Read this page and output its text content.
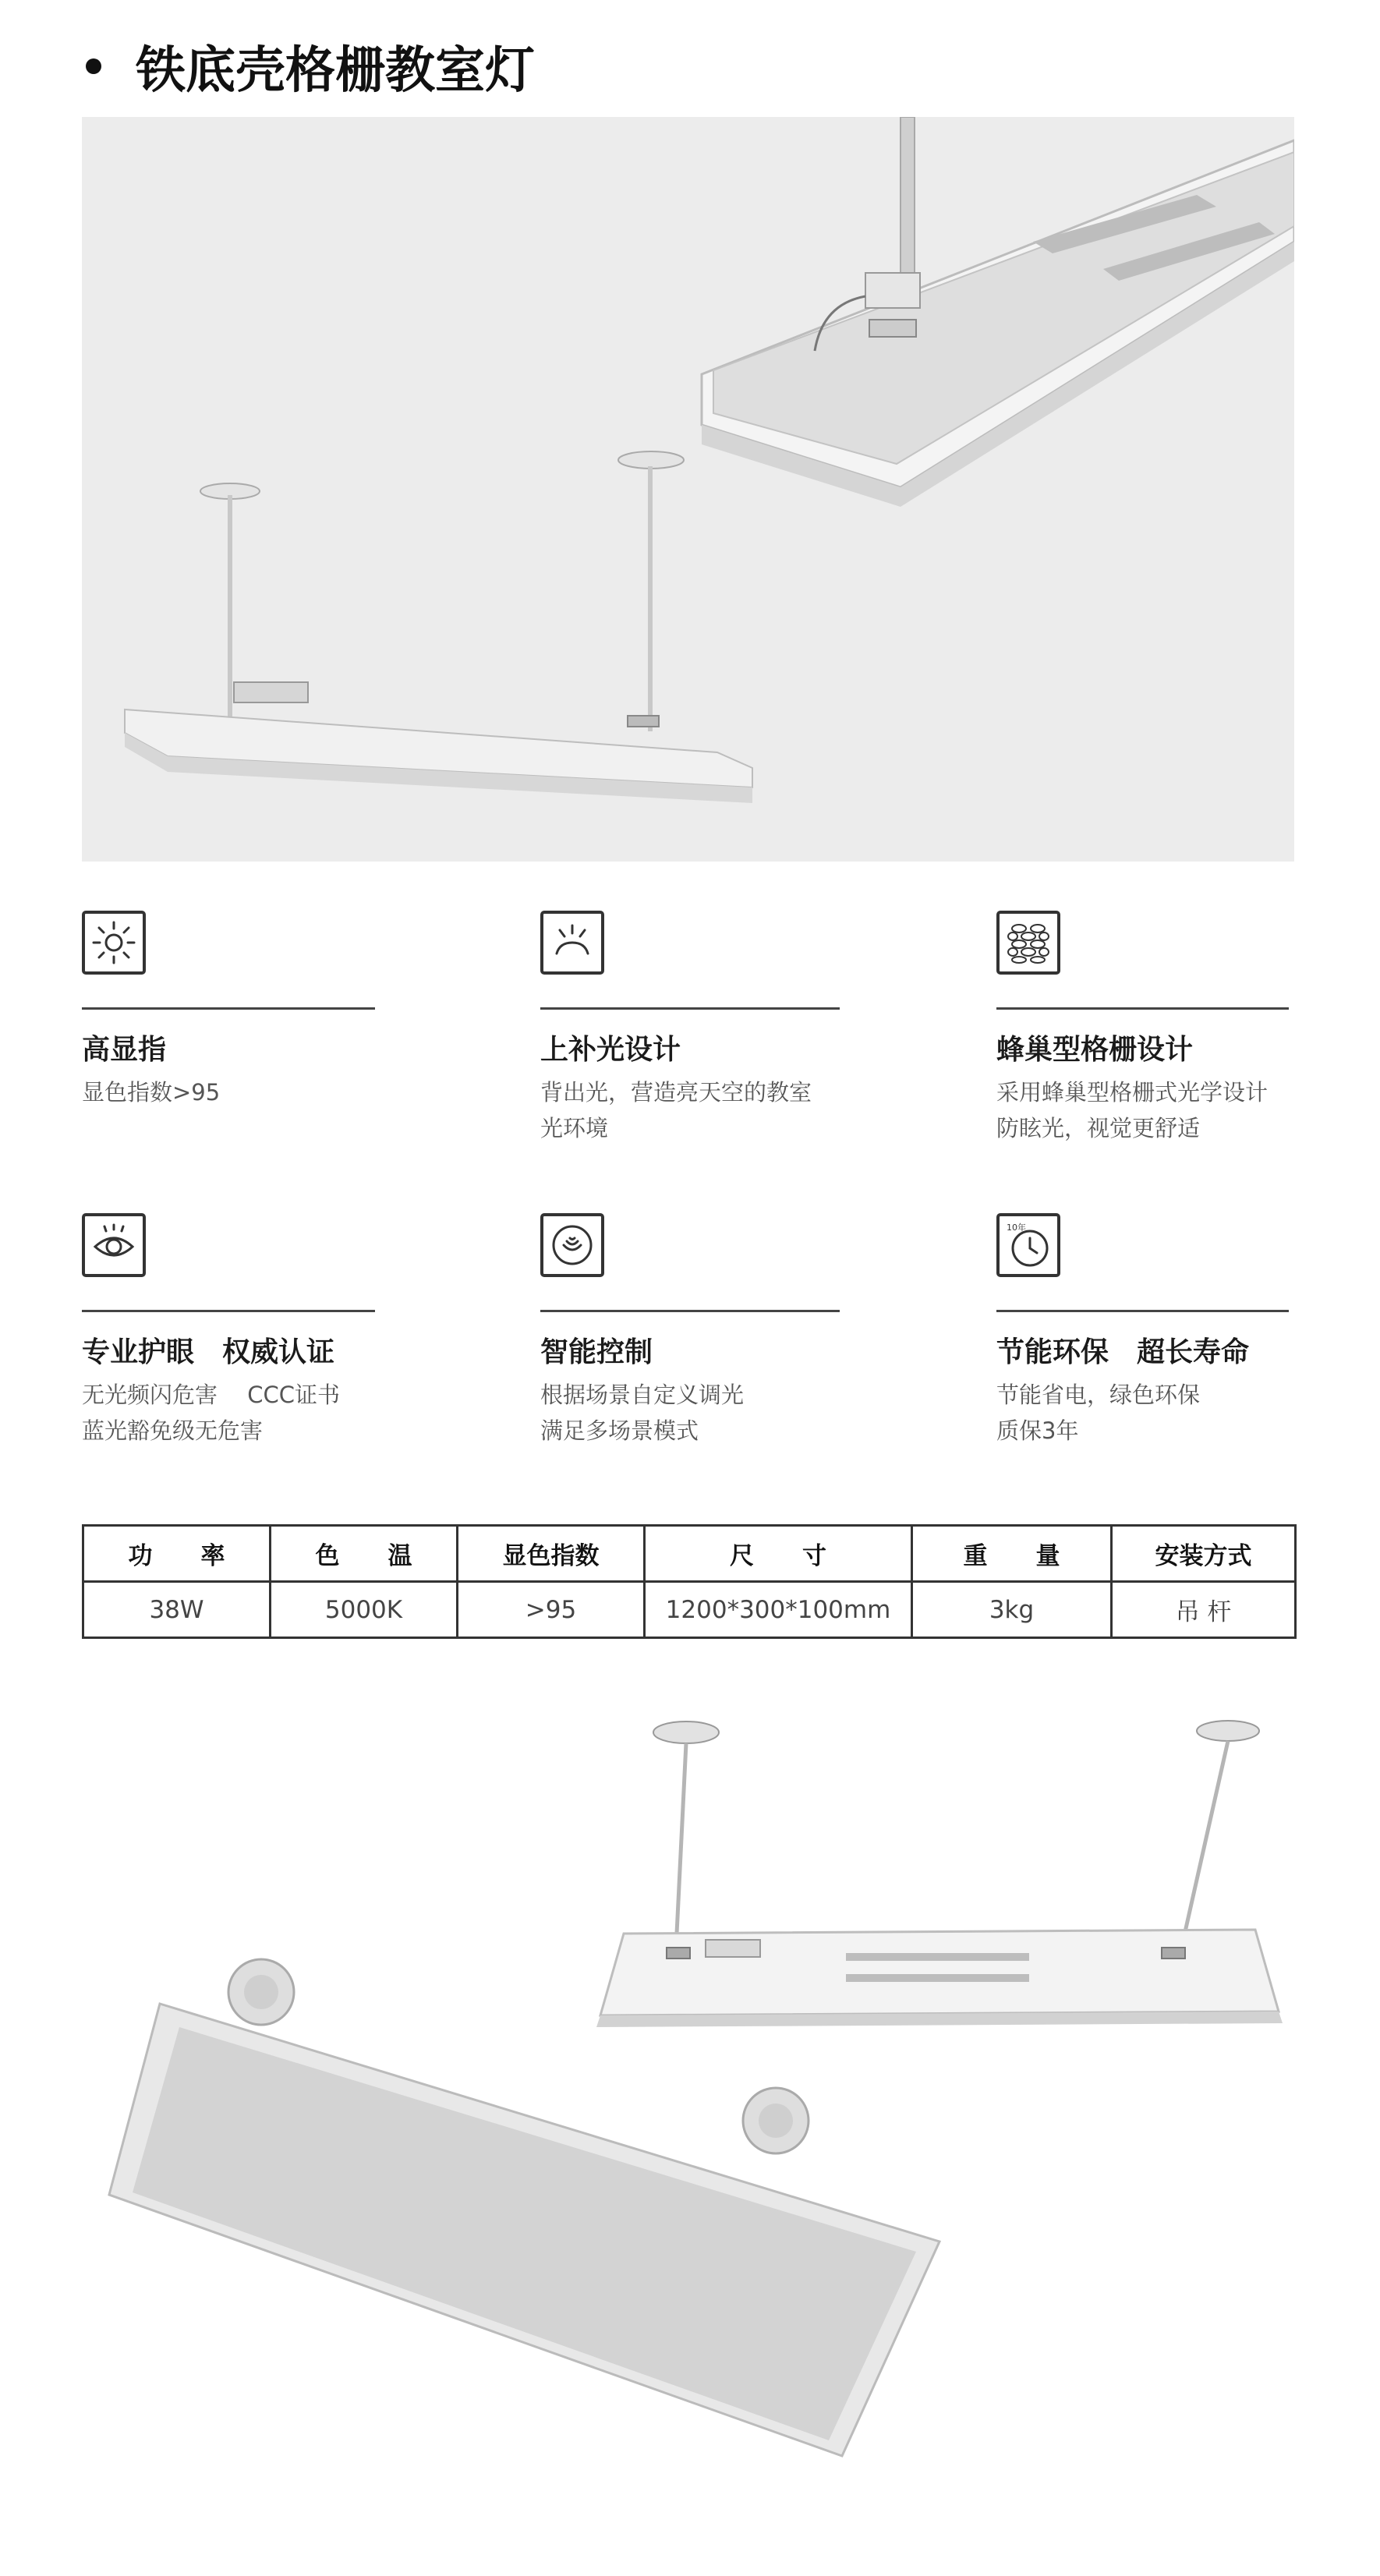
铁底壳格栅教室灯
高显指
显色指数>95
上补光设计
背出光，营造亮天空的教室
光环境
蜂巢型格栅设计
采用蜂巢型格栅式光学设计
防眩光，视觉更舒适
专业护眼　权威认证
无光频闪危害　 CCC证书
蓝光豁免级无危害
智能控制
根据场景自定义调光
满足多场景模式
10年
节能环保　超长寿命
节能省电，绿色环保
质保3年
功　　率	色　　温	显色指数	尺　　寸	重　　量	安装方式
38W	5000K	>95	1200*300*100mm	3kg	吊 杆
